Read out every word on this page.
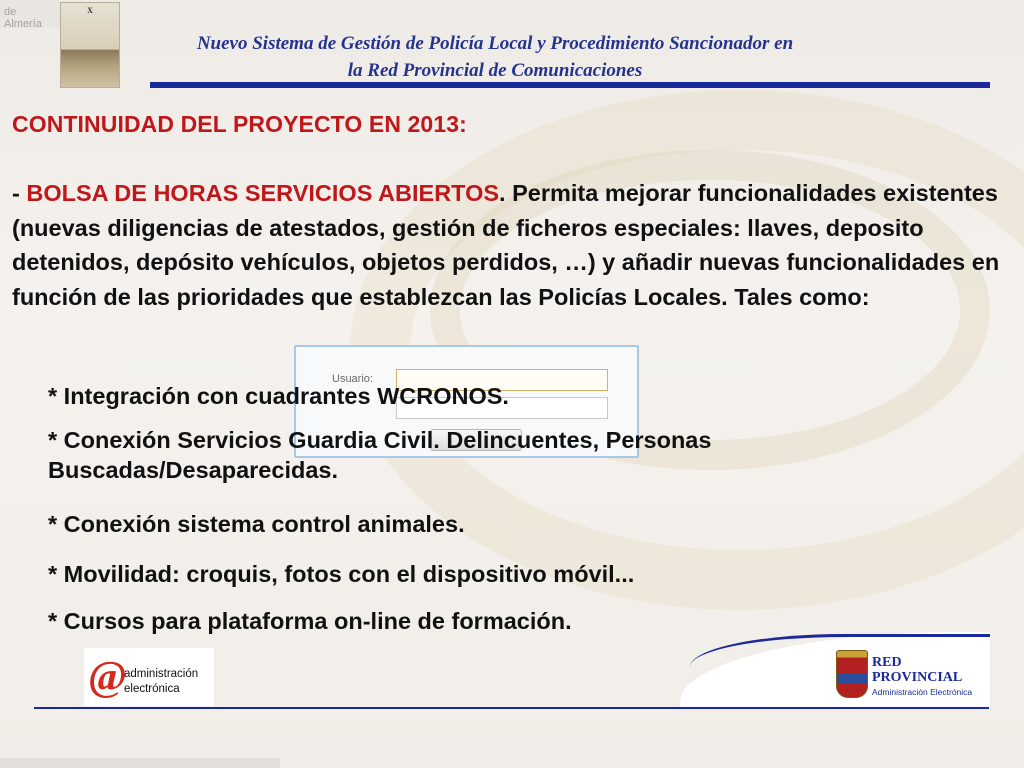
de Almería
X
Nuevo Sistema de Gestión de Policía Local y Procedimiento Sancionador en
la Red Provincial de Comunicaciones
Usuario:
CONTINUIDAD DEL PROYECTO EN 2013:
- BOLSA DE HORAS SERVICIOS ABIERTOS. Permita mejorar funcionalidades existentes (nuevas diligencias de atestados, gestión de ficheros especiales: llaves, deposito detenidos, depósito vehículos, objetos perdidos, …) y añadir nuevas funcionalidades en función de las prioridades que establezcan las Policías Locales. Tales como:
* Integración con cuadrantes WCRONOS.
* Conexión Servicios Guardia Civil. Delincuentes, Personas Buscadas/Desaparecidas.
* Conexión sistema control animales.
* Movilidad: croquis, fotos con el dispositivo móvil...
* Cursos para plataforma on-line de formación.
@
administración
electrónica
RED
PROVINCIAL
Administración Electrónica
